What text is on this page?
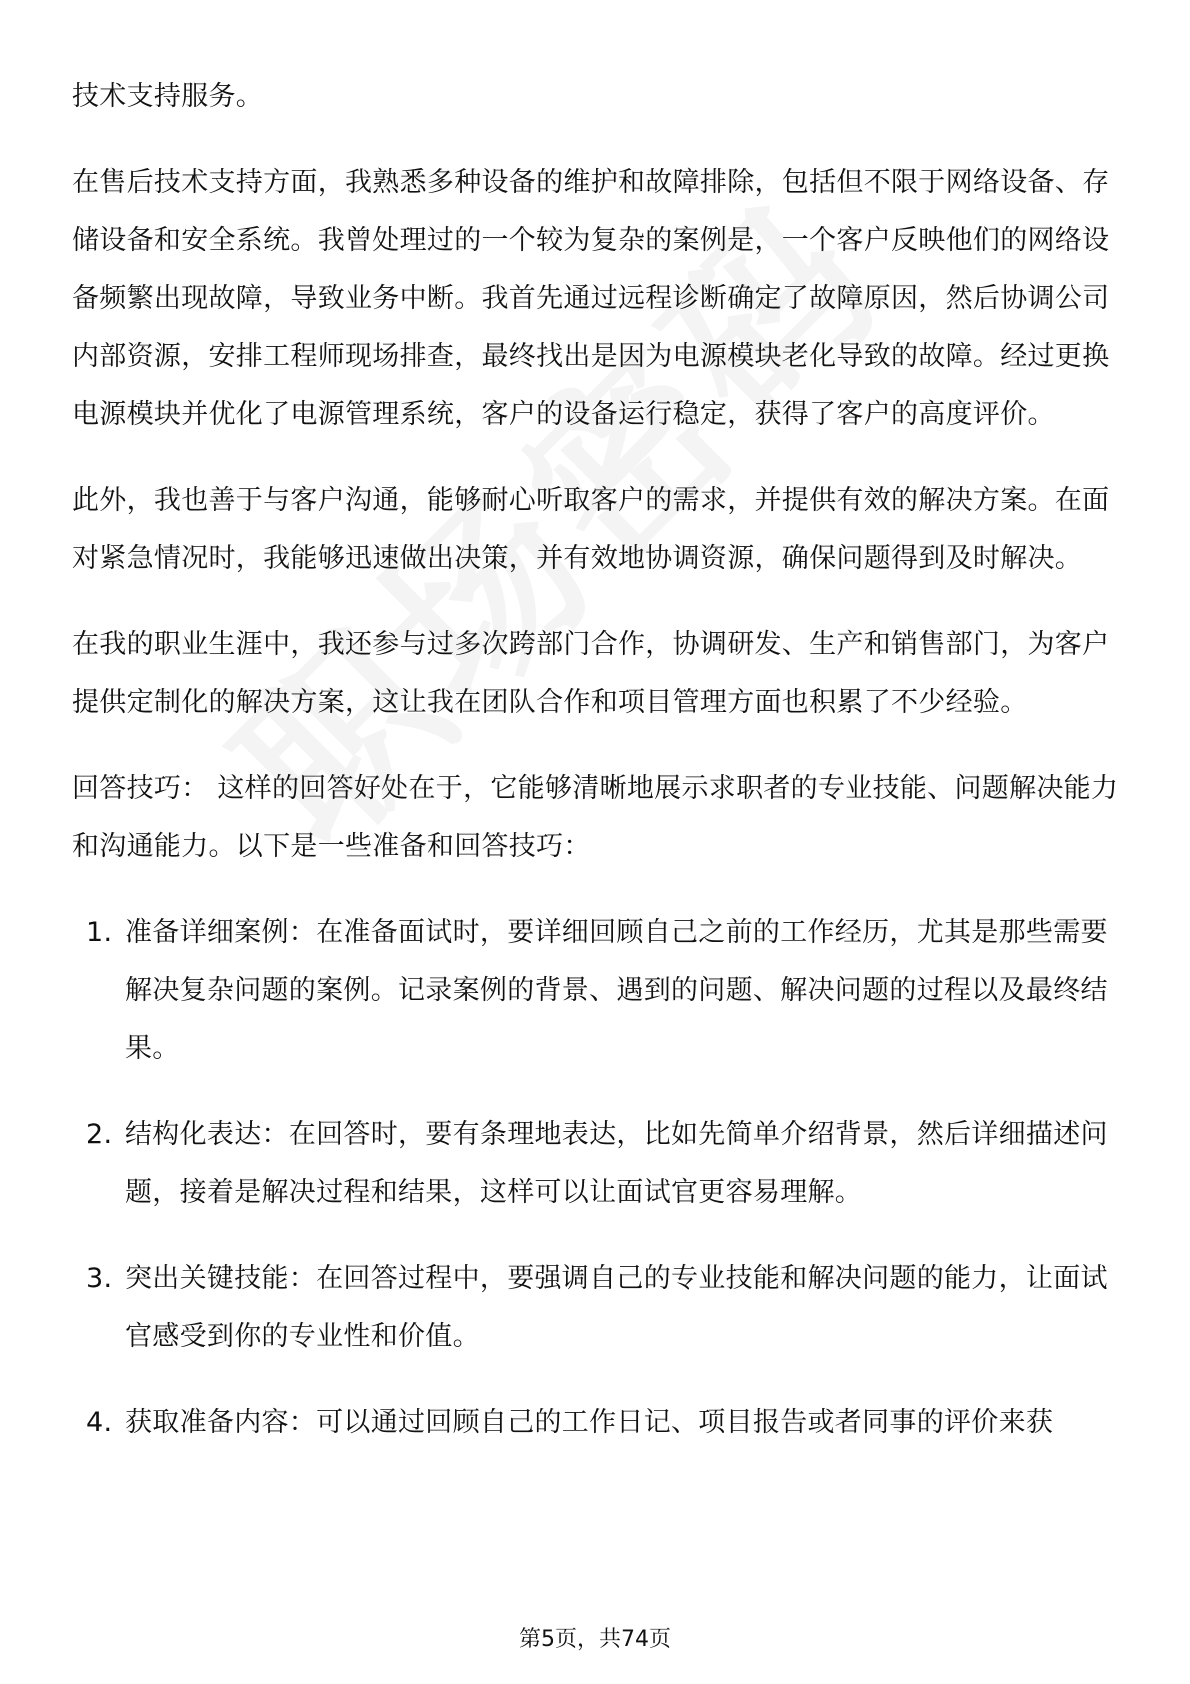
技术支持服务。

在售后技术支持方面，我熟悉多种设备的维护和故障排除，包括但不限于网络设备、存储设备和安全系统。我曾处理过的一个较为复杂的案例是，一个客户反映他们的网络设备频繁出现故障，导致业务中断。我首先通过远程诊断确定了故障原因，然后协调公司内部资源，安排工程师现场排查，最终找出是因为电源模块老化导致的故障。经过更换电源模块并优化了电源管理系统，客户的设备运行稳定，获得了客户的高度评价。

此外，我也善于与客户沟通，能够耐心听取客户的需求，并提供有效的解决方案。在面对紧急情况时，我能够迅速做出决策，并有效地协调资源，确保问题得到及时解决。

在我的职业生涯中，我还参与过多次跨部门合作，协调研发、生产和销售部门，为客户提供定制化的解决方案，这让我在团队合作和项目管理方面也积累了不少经验。

回答技巧： 这样的回答好处在于，它能够清晰地展示求职者的专业技能、问题解决能力和沟通能力。以下是一些准备和回答技巧：

1. 准备详细案例：在准备面试时，要详细回顾自己之前的工作经历，尤其是那些需要解决复杂问题的案例。记录案例的背景、遇到的问题、解决问题的过程以及最终结果。
2. 结构化表达：在回答时，要有条理地表达，比如先简单介绍背景，然后详细描述问题，接着是解决过程和结果，这样可以让面试官更容易理解。
3. 突出关键技能：在回答过程中，要强调自己的专业技能和解决问题的能力，让面试官感受到你的专业性和价值。
4. 获取准备内容：可以通过回顾自己的工作日记、项目报告或者同事的评价来获
第5页，共74页
